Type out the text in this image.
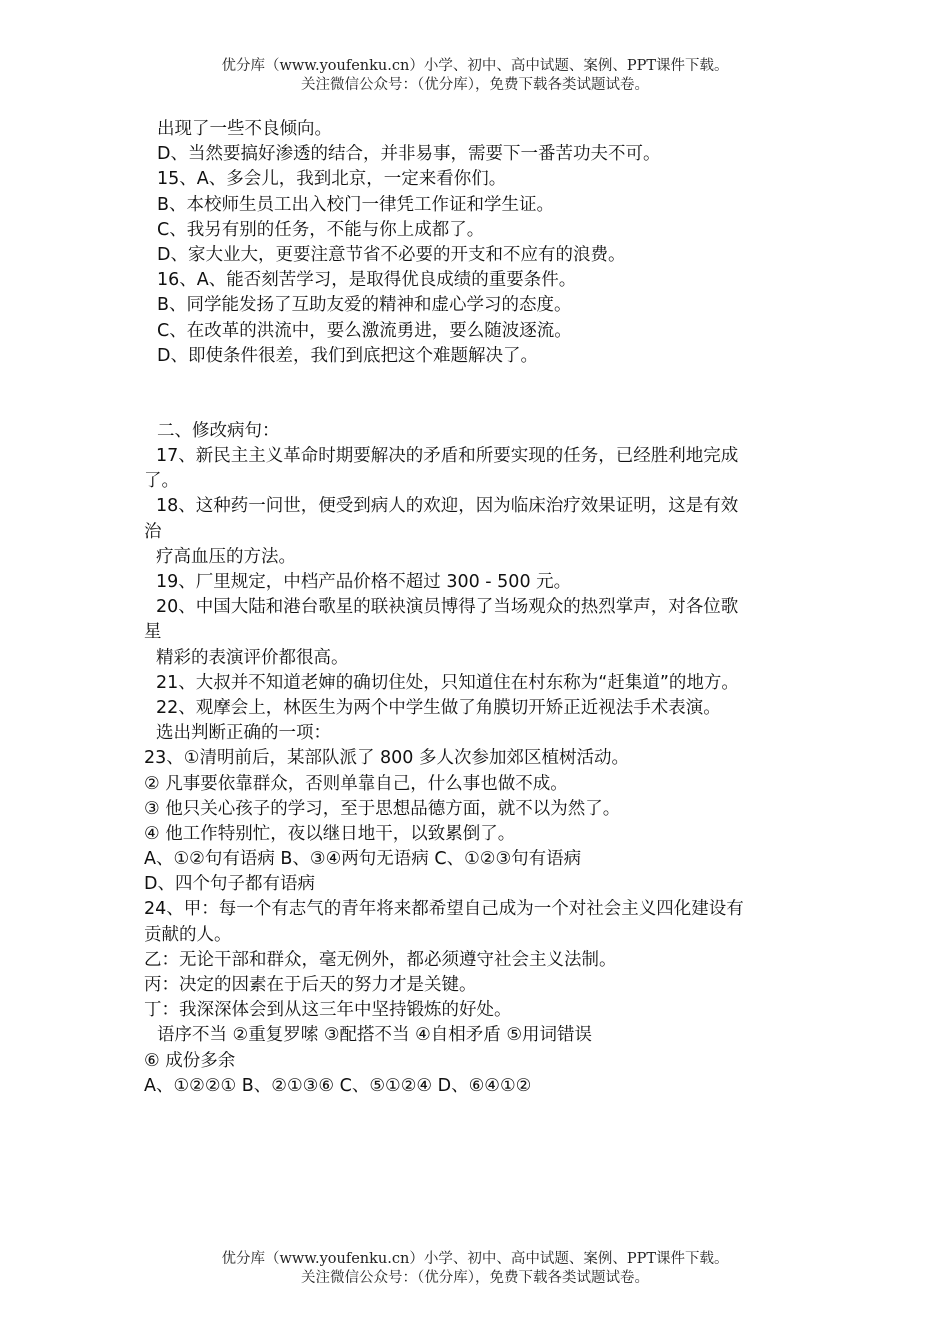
优分库（www.youfenku.cn）小学、初中、高中试题、案例、PPT课件下载。
关注微信公众号：（优分库），免费下载各类试题试卷。
出现了一些不良倾向。
D、当然要搞好渗透的结合，并非易事，需要下一番苦功夫不可。
15、A、多会儿，我到北京，一定来看你们。
B、本校师生员工出入校门一律凭工作证和学生证。
C、我另有别的任务，不能与你上成都了。
D、家大业大，更要注意节省不必要的开支和不应有的浪费。
16、A、能否刻苦学习，是取得优良成绩的重要条件。
B、同学能发扬了互助友爱的精神和虚心学习的态度。
C、在改革的洪流中，要么激流勇进，要么随波逐流。
D、即使条件很差，我们到底把这个难题解决了。
二、修改病句：
17、新民主主义革命时期要解决的矛盾和所要实现的任务，已经胜利地完成
了。
18、这种药一问世，便受到病人的欢迎，因为临床治疗效果证明，这是有效
治
疗高血压的方法。
19、厂里规定，中档产品价格不超过 300 - 500 元。
20、中国大陆和港台歌星的联袂演员博得了当场观众的热烈掌声，对各位歌
星
精彩的表演评价都很高。
21、大叔并不知道老婶的确切住处，只知道住在村东称为“赶集道”的地方。
22、观摩会上，林医生为两个中学生做了角膜切开矫正近视法手术表演。
选出判断正确的一项：
23、①清明前后，某部队派了 800 多人次参加郊区植树活动。
② 凡事要依靠群众，否则单靠自己，什么事也做不成。
③ 他只关心孩子的学习，至于思想品德方面，就不以为然了。
④ 他工作特别忙，夜以继日地干，以致累倒了。
A、①②句有语病 B、③④两句无语病 C、①②③句有语病
D、四个句子都有语病
24、甲：每一个有志气的青年将来都希望自己成为一个对社会主义四化建设有
贡献的人。
乙：无论干部和群众，毫无例外，都必须遵守社会主义法制。
丙：决定的因素在于后天的努力才是关键。
丁：我深深体会到从这三年中坚持锻炼的好处。
语序不当 ②重复罗嗦 ③配搭不当 ④自相矛盾 ⑤用词错误
⑥ 成份多余
A、①②②① B、②①③⑥ C、⑤①②④ D、⑥④①②
优分库（www.youfenku.cn）小学、初中、高中试题、案例、PPT课件下载。
关注微信公众号：（优分库），免费下载各类试题试卷。
